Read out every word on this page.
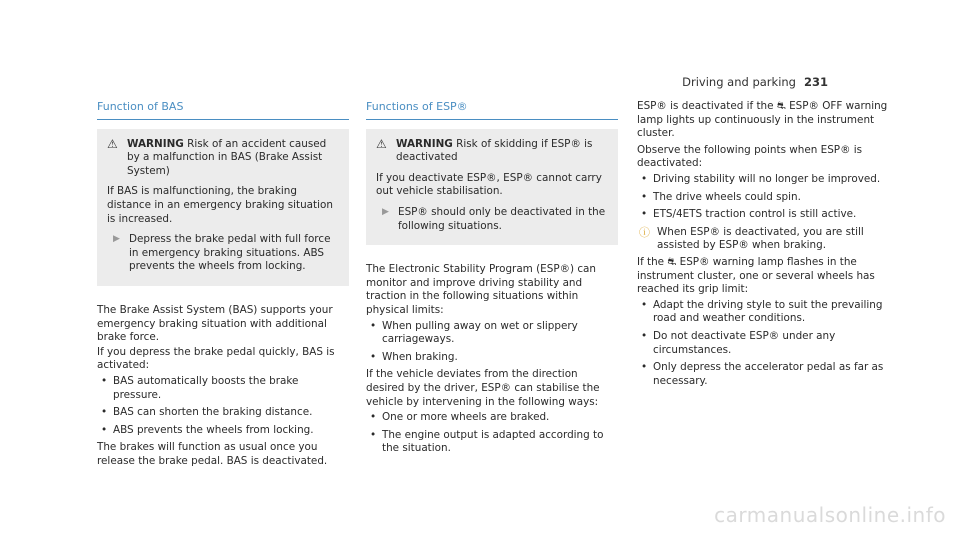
Driving and parking 231
Function of BAS
⚠ WARNING Risk of an accident caused by a malfunction in BAS (Brake Assist System)

If BAS is malfunctioning, the braking distance in an emergency braking situation is increased.

▶ Depress the brake pedal with full force in emergency braking situations. ABS prevents the wheels from locking.

The Brake Assist System (BAS) supports your emergency braking situation with additional brake force.

If you depress the brake pedal quickly, BAS is activated:

• BAS automatically boosts the brake pressure.
• BAS can shorten the braking distance.
• ABS prevents the wheels from locking.

The brakes will function as usual once you release the brake pedal. BAS is deactivated.

Functions of ESP®
⚠ WARNING Risk of skidding if ESP® is deactivated

If you deactivate ESP®, ESP® cannot carry out vehicle stabilisation.

▶ ESP® should only be deactivated in the following situations.

The Electronic Stability Program (ESP®) can monitor and improve driving stability and traction in the following situations within physical limits:

• When pulling away on wet or slippery carriageways.
• When braking.

If the vehicle deviates from the direction desired by the driver, ESP® can stabilise the vehicle by intervening in the following ways:

• One or more wheels are braked.
• The engine output is adapted according to the situation.

ESP® is deactivated if the ⛐ ESP® OFF warning lamp lights up continuously in the instrument cluster.

Observe the following points when ESP® is deactivated:

• Driving stability will no longer be improved.
• The drive wheels could spin.
• ETS/4ETS traction control is still active.
ⓘ When ESP® is deactivated, you are still assisted by ESP® when braking.

If the ⛐ ESP® warning lamp flashes in the instrument cluster, one or several wheels has reached its grip limit:

• Adapt the driving style to suit the prevailing road and weather conditions.
• Do not deactivate ESP® under any circumstances.
• Only depress the accelerator pedal as far as necessary.
carmanualsonline.info
